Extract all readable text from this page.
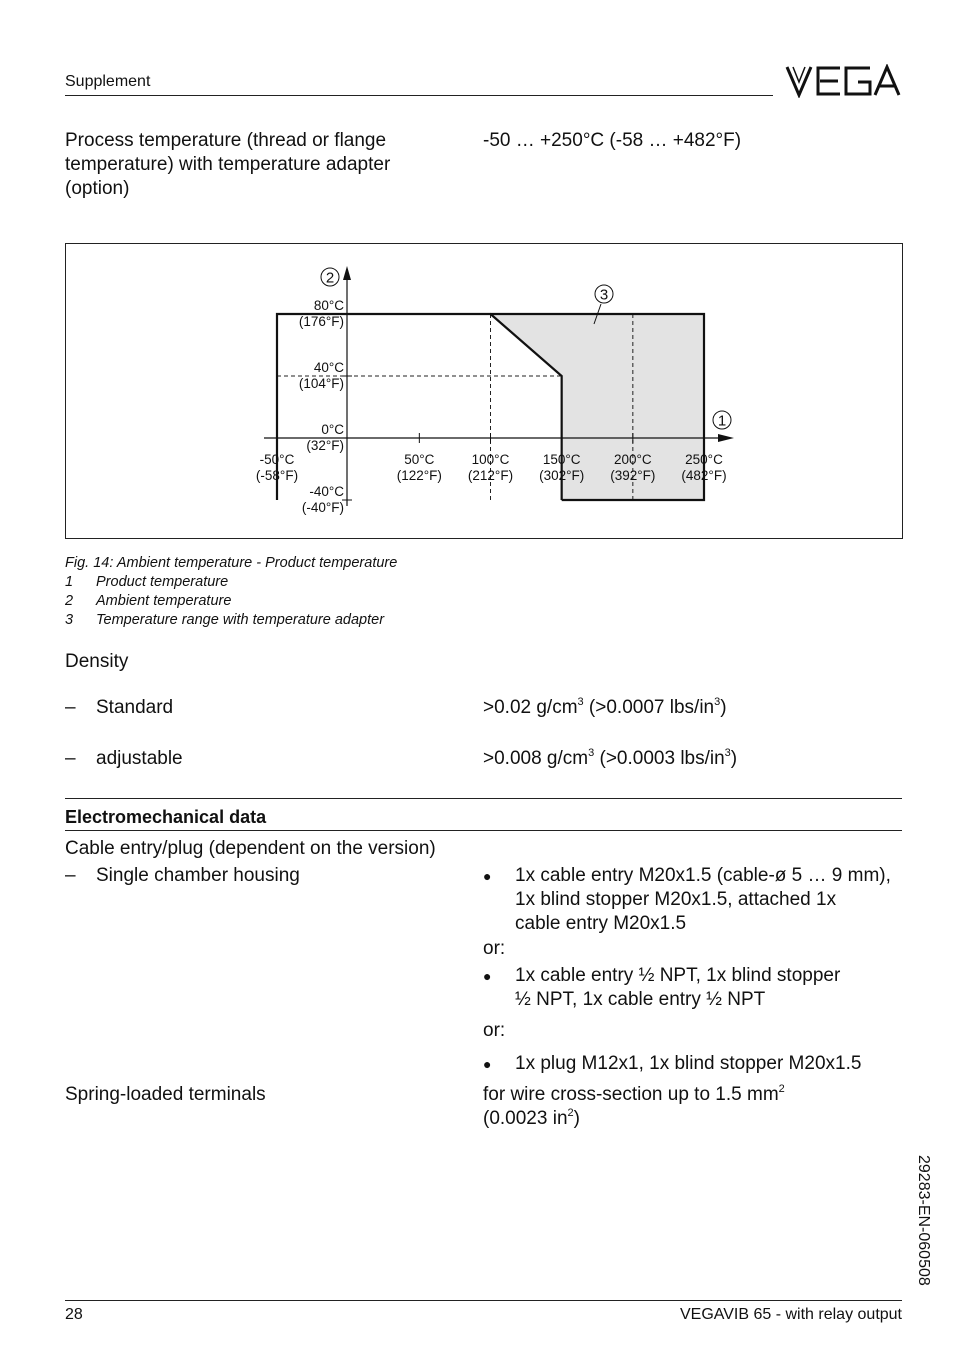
Supplement
Process temperature (thread or flange
temperature) with temperature adapter
(option)
-50 … +250°C (-58 … +482°F)
-50°C
(-58°F)
50°C
(122°F)
100°C
(212°F)
150°C
(302°F)
200°C
(392°F)
250°C
(482°F)
80°C
(176°F)
40°C
(104°F)
0°C
(32°F)
-40°C
(-40°F)
2
1
3
Fig. 14: Ambient temperature - Product temperature
1 Product temperature
2 Ambient temperature
3 Temperature range with temperature adapter
Density
– Standard	>0.02 $g/cm^3$ (>0.0007 lbs/$in^3$)
– adjustable	>0.008 $g/cm^3$ (>0.0003 lbs/$in^3$)
Electromechanical data
Cable entry/plug (dependent on the version)
– Single chamber housing	● 1x cable entry M20x1.5 (cable-ø 5 … 9 mm),
1x blind stopper M20x1.5, attached 1x
cable entry M20x1.5
or:
● 1x cable entry ½ NPT, 1x blind stopper
½ NPT, 1x cable entry ½ NPT
or:
● 1x plug M12x1, 1x blind stopper M20x1.5
Spring-loaded terminals	for wire cross-section up to 1.5 $mm^2$
(0.0023 $in^2$)
29283-EN-060508
28	VEGAVIB 65 - with relay output
